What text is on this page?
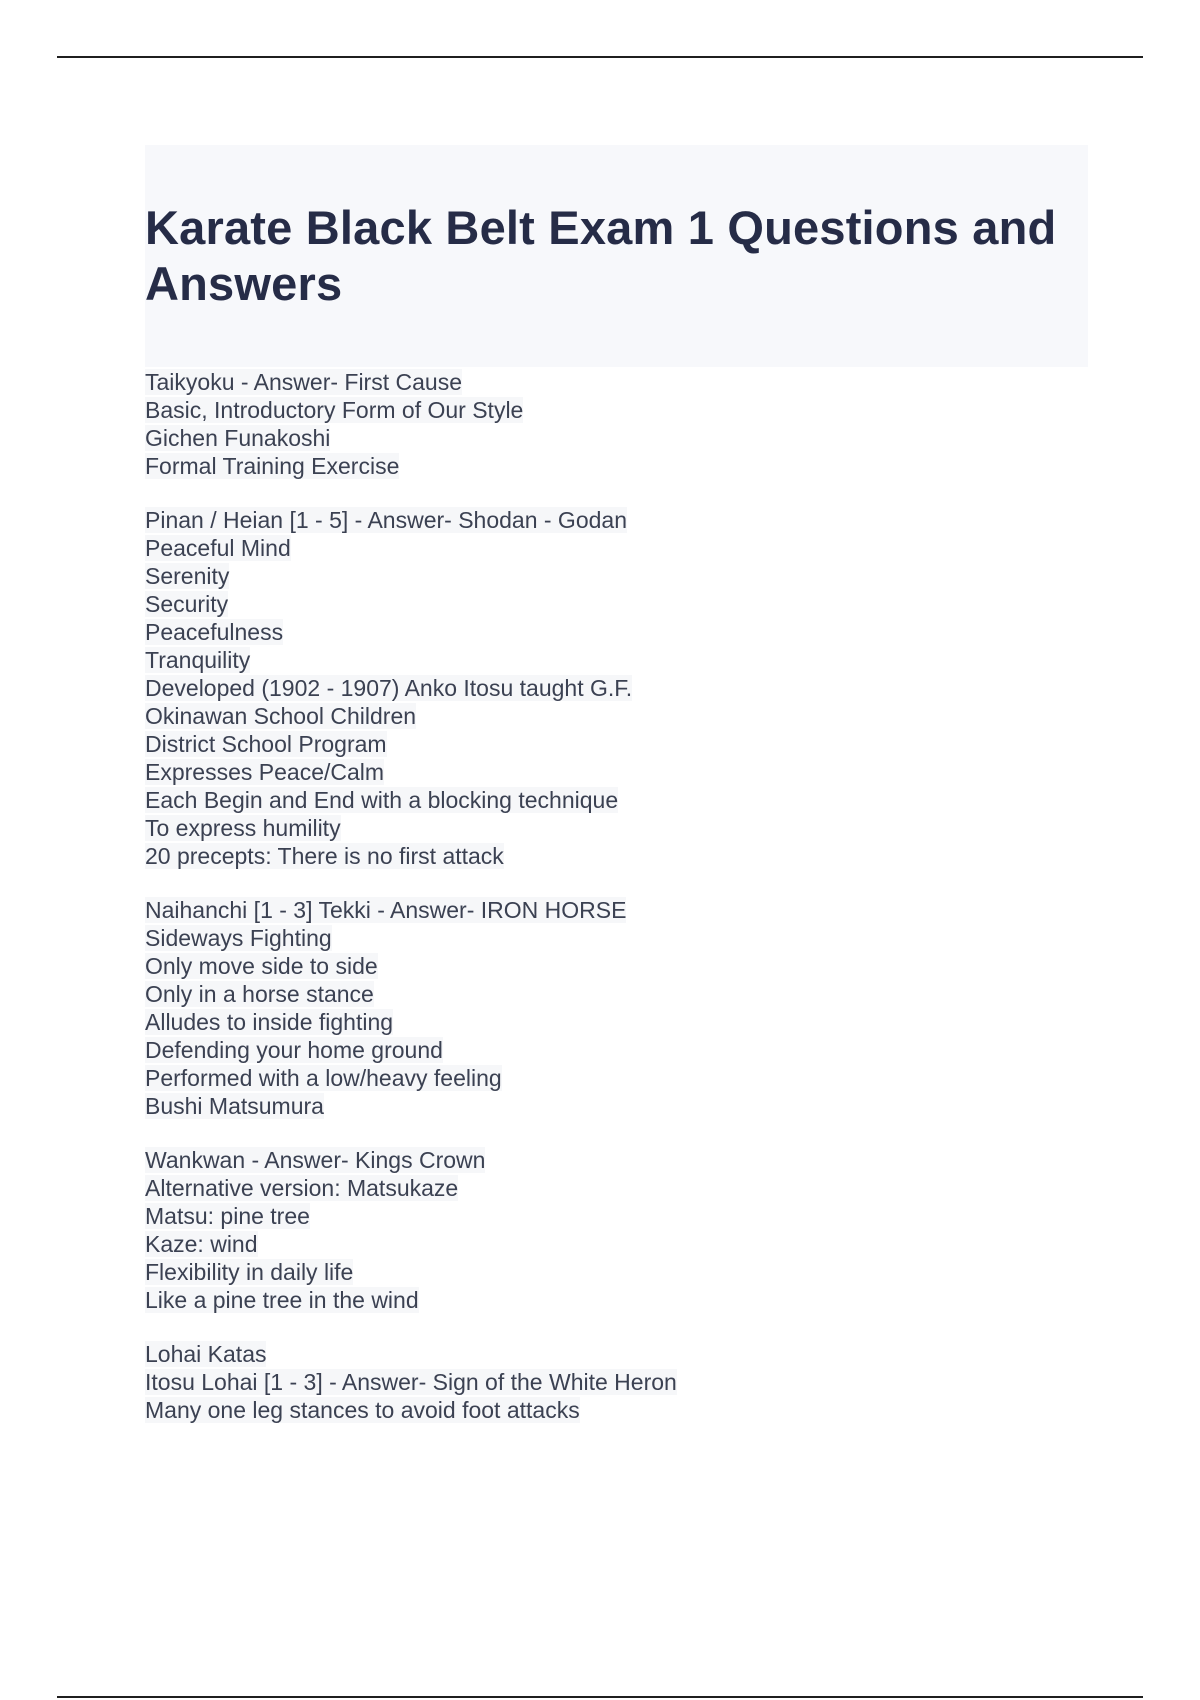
Karate Black Belt Exam 1 Questions and Answers
Taikyoku - Answer- First Cause
Basic, Introductory Form of Our Style
Gichen Funakoshi
Formal Training Exercise
Pinan / Heian [1 - 5] - Answer- Shodan - Godan
Peaceful Mind
Serenity
Security
Peacefulness
Tranquility
Developed (1902 - 1907) Anko Itosu taught G.F.
Okinawan School Children
District School Program
Expresses Peace/Calm
Each Begin and End with a blocking technique
To express humility
20 precepts: There is no first attack
Naihanchi [1 - 3] Tekki - Answer- IRON HORSE
Sideways Fighting
Only move side to side
Only in a horse stance
Alludes to inside fighting
Defending your home ground
Performed with a low/heavy feeling
Bushi Matsumura
Wankwan - Answer- Kings Crown
Alternative version: Matsukaze
Matsu: pine tree
Kaze: wind
Flexibility in daily life
Like a pine tree in the wind
Lohai Katas
Itosu Lohai [1 - 3] - Answer- Sign of the White Heron
Many one leg stances to avoid foot attacks
